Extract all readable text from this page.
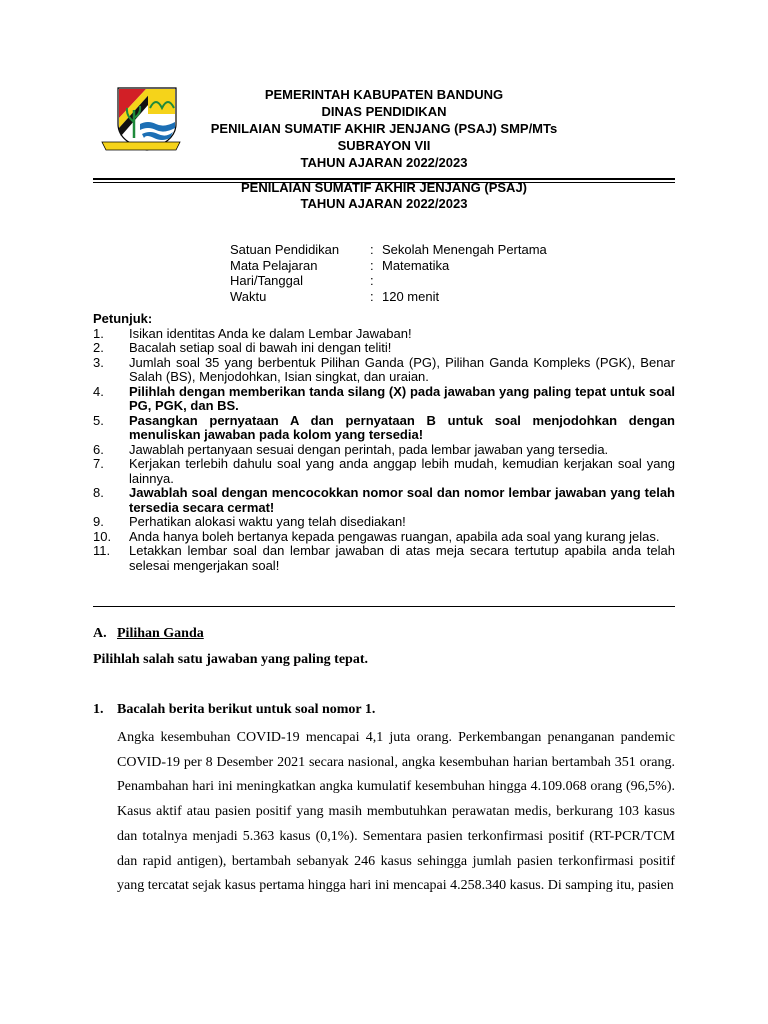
PEMERINTAH KABUPATEN BANDUNG
DINAS PENDIDIKAN
PENILAIAN SUMATIF AKHIR JENJANG (PSAJ) SMP/MTs
SUBRAYON VII
TAHUN AJARAN 2022/2023
PENILAIAN SUMATIF AKHIR JENJANG (PSAJ)
TAHUN AJARAN 2022/2023
Satuan Pendidikan	: Sekolah Menengah Pertama
Mata Pelajaran	: Matematika
Hari/Tanggal	:
Waktu	: 120 menit
Petunjuk:
1.	Isikan identitas Anda ke dalam Lembar Jawaban!
2.	Bacalah setiap soal di bawah ini dengan teliti!
3.	Jumlah soal 35 yang berbentuk Pilihan Ganda (PG), Pilihan Ganda Kompleks (PGK), Benar Salah (BS), Menjodohkan, Isian singkat, dan uraian.
4.	Pilihlah dengan memberikan tanda silang (X) pada jawaban yang paling tepat untuk soal PG, PGK, dan BS.
5.	Pasangkan pernyataan A dan pernyataan B untuk soal menjodohkan dengan menuliskan jawaban pada kolom yang tersedia!
6.	Jawablah pertanyaan sesuai dengan perintah, pada lembar jawaban yang tersedia.
7.	Kerjakan terlebih dahulu soal yang anda anggap lebih mudah, kemudian kerjakan soal yang lainnya.
8.	Jawablah soal dengan mencocokkan nomor soal dan nomor lembar jawaban yang telah tersedia secara cermat!
9.	Perhatikan alokasi waktu yang telah disediakan!
10.	Anda hanya boleh bertanya kepada pengawas ruangan, apabila ada soal yang kurang jelas.
11.	Letakkan lembar soal dan lembar jawaban di atas meja secara tertutup apabila anda telah selesai mengerjakan soal!
A. Pilihan Ganda
Pilihlah salah satu jawaban yang paling tepat.
1. Bacalah berita berikut untuk soal nomor 1.
Angka kesembuhan COVID-19 mencapai 4,1 juta orang. Perkembangan penanganan pandemic COVID-19 per 8 Desember 2021 secara nasional, angka kesembuhan harian bertambah 351 orang. Penambahan hari ini meningkatkan angka kumulatif kesembuhan hingga 4.109.068 orang (96,5%). Kasus aktif atau pasien positif yang masih membutuhkan perawatan medis, berkurang 103 kasus dan totalnya menjadi 5.363 kasus (0,1%). Sementara pasien terkonfirmasi positif (RT-PCR/TCM dan rapid antigen), bertambah sebanyak 246 kasus sehingga jumlah pasien terkonfirmasi positif yang tercatat sejak kasus pertama hingga hari ini mencapai 4.258.340 kasus. Di samping itu, pasien
